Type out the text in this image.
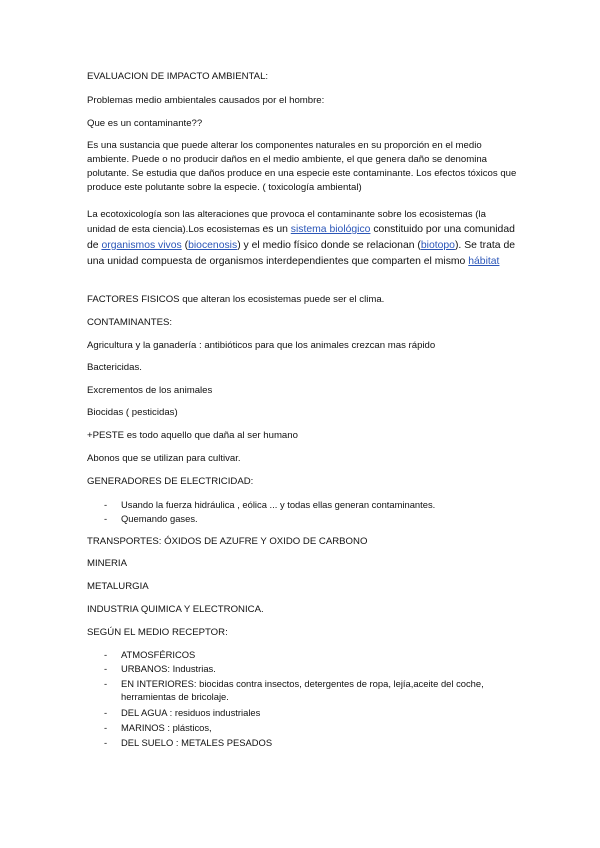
EVALUACION DE IMPACTO AMBIENTAL:

Problemas medio ambientales causados por el hombre:

Que es un contaminante??

Es una sustancia que puede alterar los componentes naturales en su proporción en el medio ambiente. Puede o no producir daños en el medio ambiente, el que genera daño se denomina polutante. Se estudia que daños produce en una especie este contaminante. Los efectos tóxicos que produce este polutante sobre la especie. ( toxicología ambiental)

La ecotoxicología son las alteraciones que provoca el contaminante sobre los ecosistemas (la unidad de esta ciencia).Los ecosistemas es un sistema biológico constituido por una comunidad de organismos vivos (biocenosis) y el medio físico donde se relacionan (biotopo). Se trata de una unidad compuesta de organismos interdependientes que comparten el mismo hábitat

FACTORES FISICOS que alteran los ecosistemas puede ser el clima.

CONTAMINANTES:

Agricultura y la ganadería : antibióticos para que los animales crezcan mas rápido

Bactericidas.

Excrementos de los animales

Biocidas ( pesticidas)

+PESTE es todo aquello que daña al ser humano

Abonos que se utilizan para cultivar.

GENERADORES DE ELECTRICIDAD:

-	Usando la fuerza hidráulica , eólica ... y todas ellas generan contaminantes.
-	Quemando gases.

TRANSPORTES: ÓXIDOS DE AZUFRE Y OXIDO DE CARBONO

MINERIA

METALURGIA

INDUSTRIA QUIMICA Y ELECTRONICA.

SEGÚN EL MEDIO RECEPTOR:

-	ATMOSFÉRICOS
-	URBANOS: Industrias.
-	EN INTERIORES: biocidas contra insectos, detergentes de ropa, lejía,aceite del coche, herramientas de bricolaje.
-	DEL AGUA : residuos industriales
-	MARINOS : plásticos,
-	DEL SUELO : METALES PESADOS
